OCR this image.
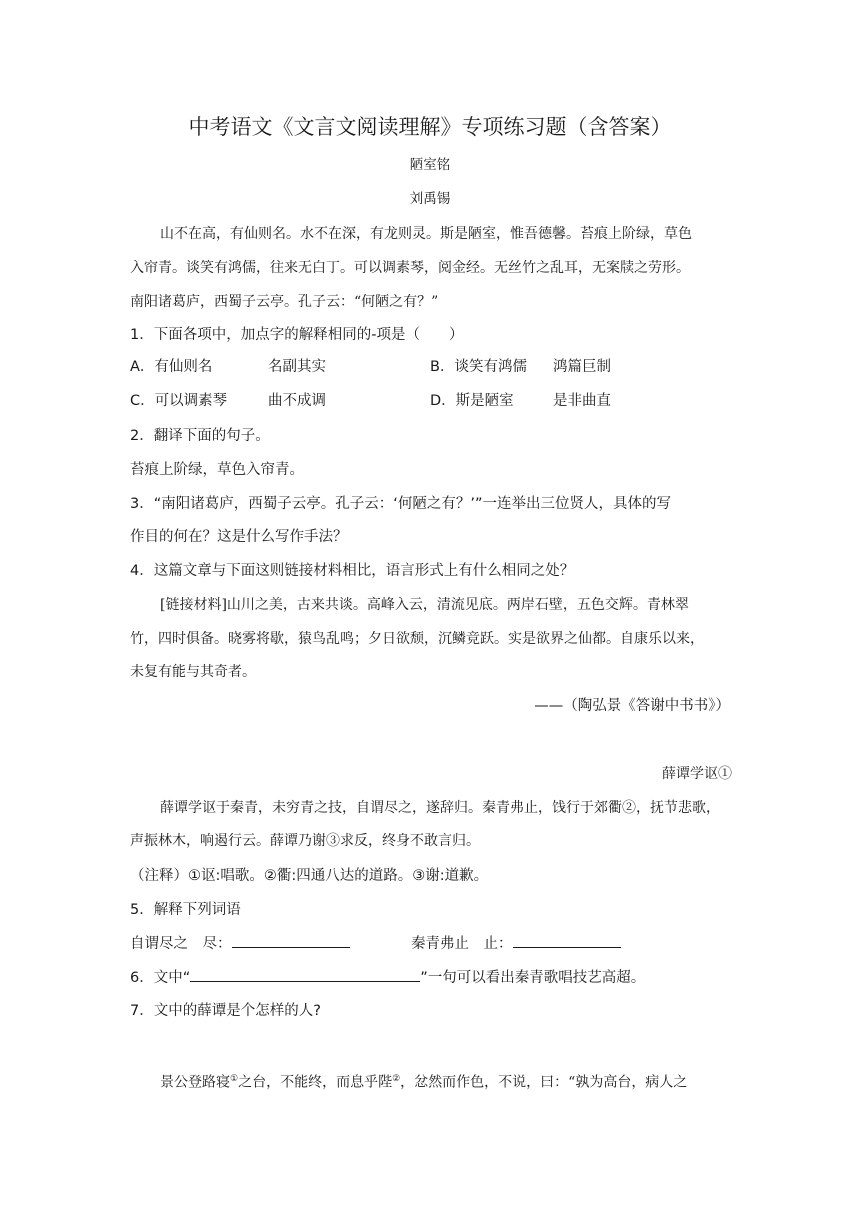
中考语文《文言文阅读理解》专项练习题（含答案）
陋室铭
刘禹锡
山不在高，有仙则名。水不在深，有龙则灵。斯是陋室，惟吾德馨。苔痕上阶绿，草色
入帘青。谈笑有鸿儒，往来无白丁。可以调素琴，阅金经。无丝竹之乱耳，无案牍之劳形。
南阳诸葛庐，西蜀子云亭。孔子云：“何陋之有？”
1．下面各项中，加点字的解释相同的-项是（　　）
A．有仙则名	名副其实	B．谈笑有鸿儒 鸿篇巨制
C．可以调素琴	曲不成调	D．斯是陋室	是非曲直
2．翻译下面的句子。
苔痕上阶绿，草色入帘青。
3．“南阳诸葛庐，西蜀子云亭。孔子云：‘何陋之有？’”一连举出三位贤人，具体的写
作目的何在？这是什么写作手法？
4．这篇文章与下面这则链接材料相比，语言形式上有什么相同之处？
[链接材料]山川之美，古来共谈。高峰入云，清流见底。两岸石壁，五色交辉。青林翠
竹，四时俱备。晓雾将歇，猿鸟乱鸣；夕日欲颓，沉鳞竞跃。实是欲界之仙都。自康乐以来，
未复有能与其奇者。
——（陶弘景《答谢中书书》）
薛谭学讴①
薛谭学讴于秦青，未穷青之技，自谓尽之，遂辞归。秦青弗止，饯行于郊衢②，抚节悲歌，
声振林木，响遏行云。薛谭乃谢③求反，终身不敢言归。
（注释）①讴:唱歌。②衢:四通八达的道路。③谢:道歉。
5．解释下列词语
自谓尽之　尽：	秦青弗止　止：
6．文中“	”一句可以看出秦青歌唱技艺高超。
7．文中的薛谭是个怎样的人?
景公登路寝①之台，不能终，而息乎陛②，忿然而作色，不说，曰：“孰为高台，病人之
